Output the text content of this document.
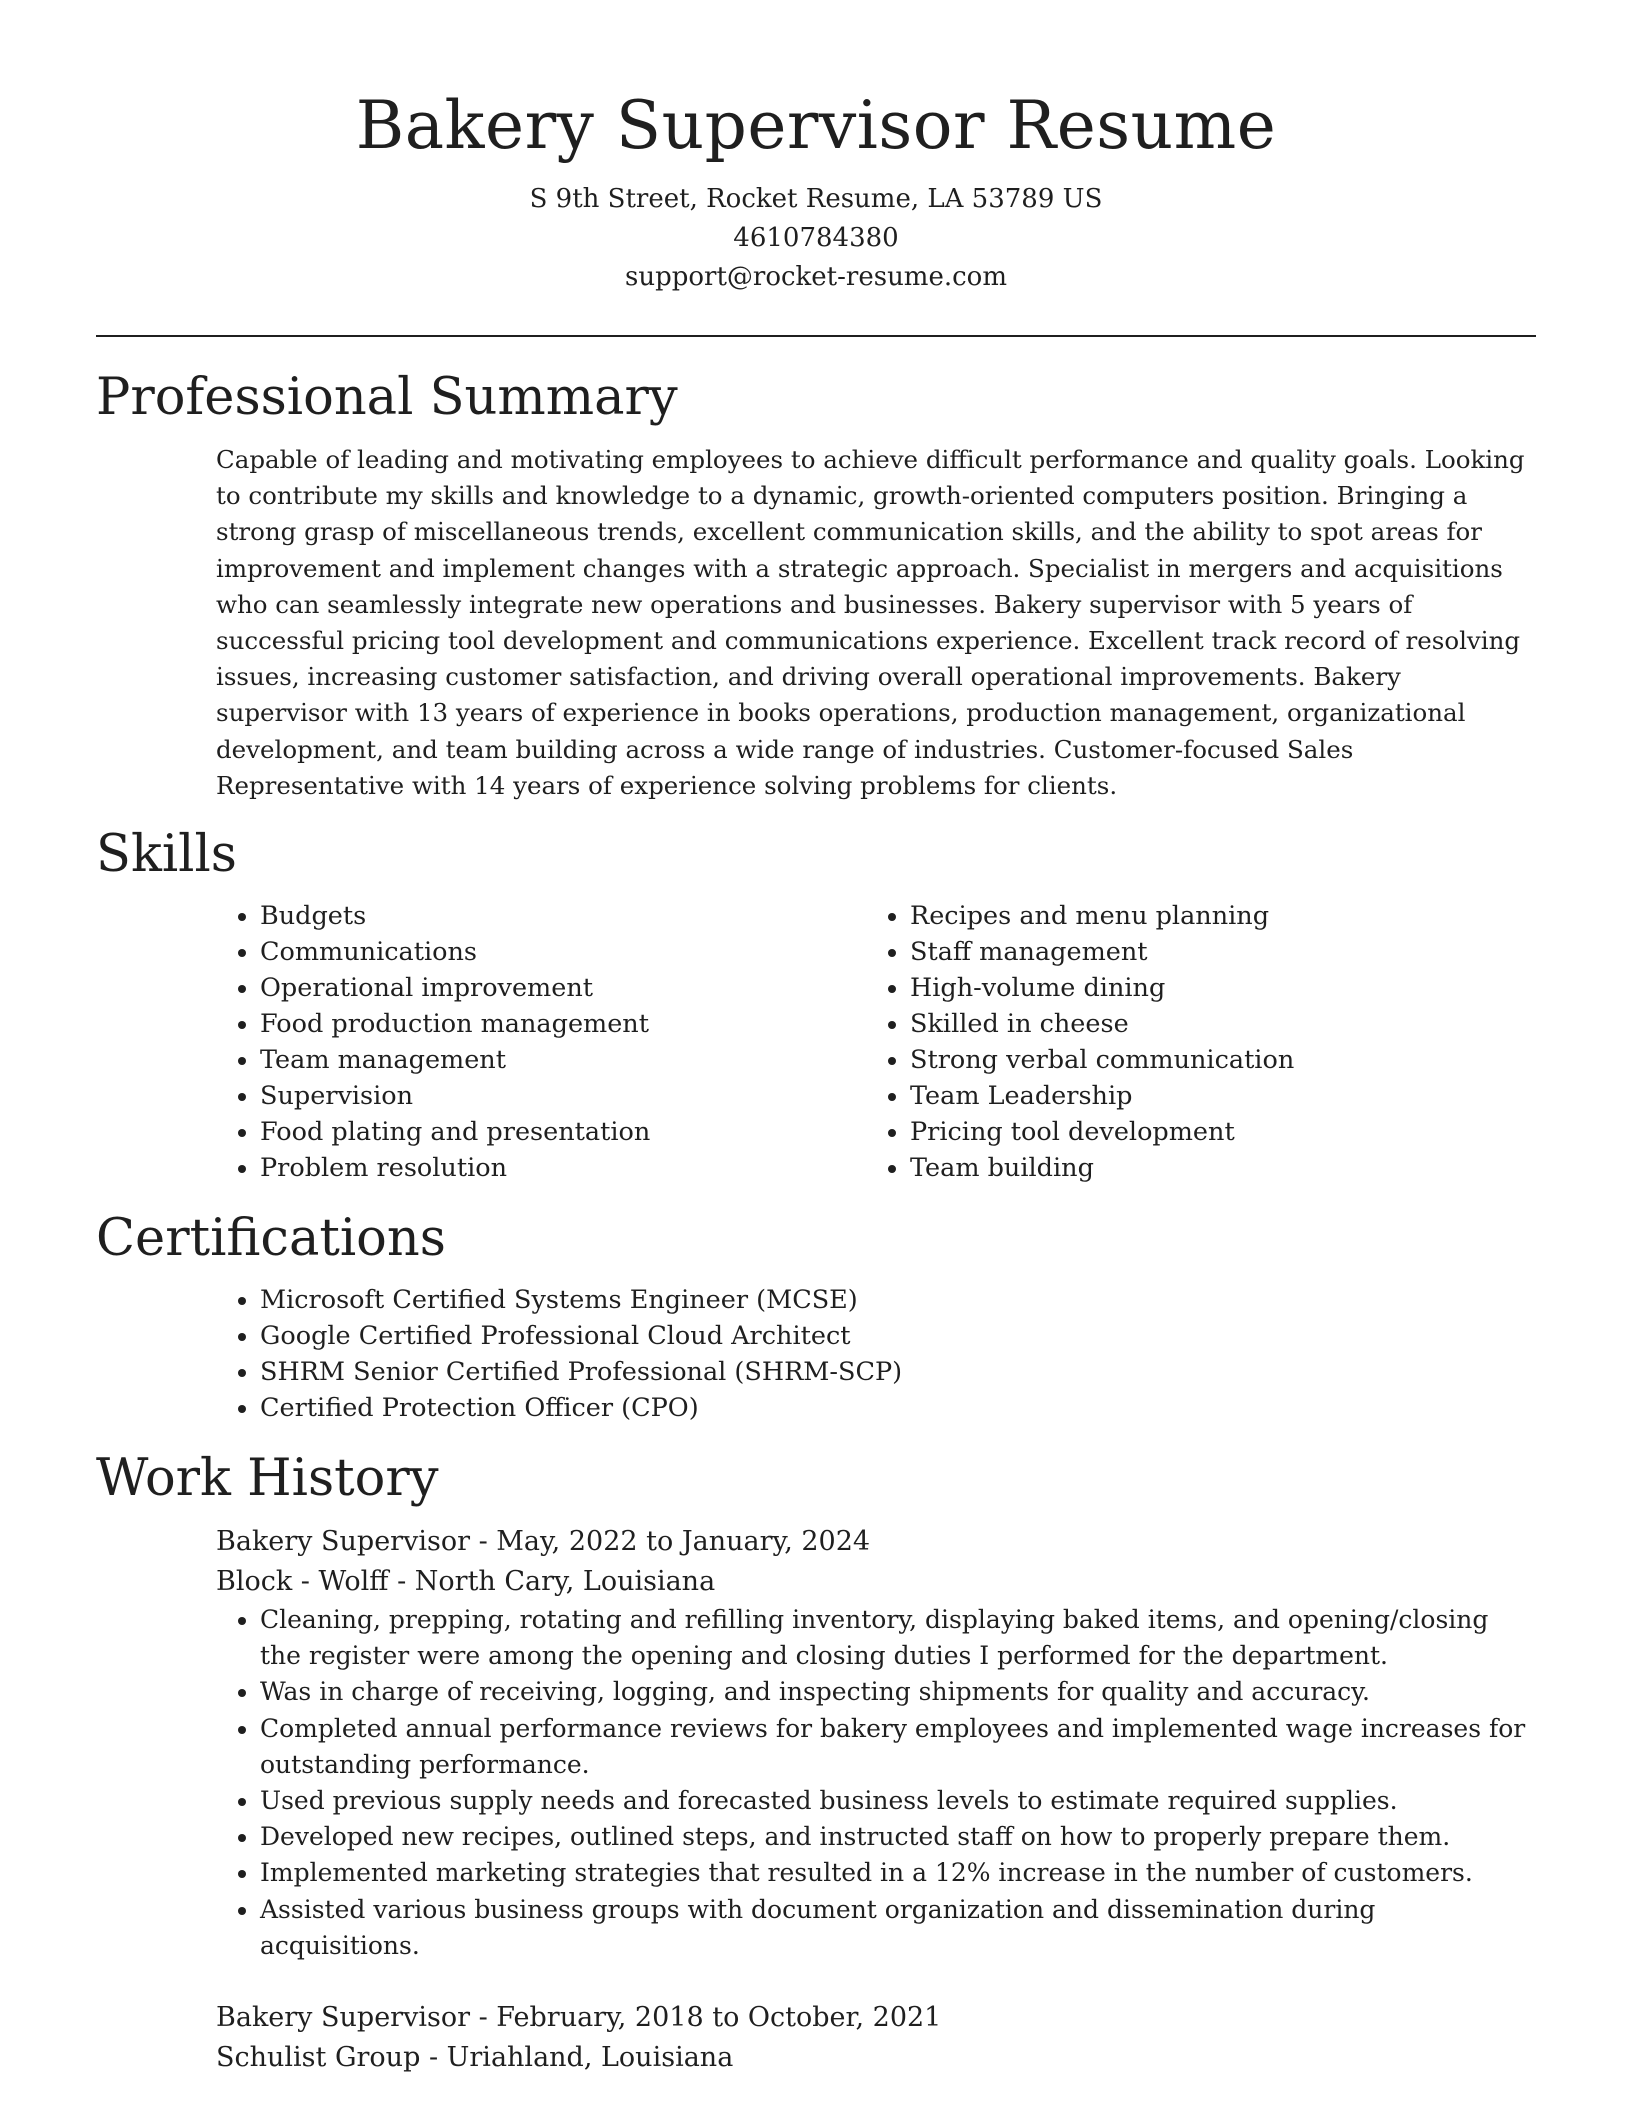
Bakery Supervisor Resume

S 9th Street, Rocket Resume, LA 53789 US

4610784380

support@rocket-resume.com

Professional Summary

Capable of leading and motivating employees to achieve difficult performance and quality goals. Looking to contribute my skills and knowledge to a dynamic, growth-oriented computers position. Bringing a strong grasp of miscellaneous trends, excellent communication skills, and the ability to spot areas for improvement and implement changes with a strategic approach. Specialist in mergers and acquisitions who can seamlessly integrate new operations and businesses. Bakery supervisor with 5 years of successful pricing tool development and communications experience. Excellent track record of resolving issues, increasing customer satisfaction, and driving overall operational improvements. Bakery supervisor with 13 years of experience in books operations, production management, organizational development, and team building across a wide range of industries. Customer-focused Sales Representative with 14 years of experience solving problems for clients.

Skills
• Budgets
• Communications
• Operational improvement
• Food production management
• Team management
• Supervision
• Food plating and presentation
• Problem resolution
• Recipes and menu planning
• Staff management
• High-volume dining
• Skilled in cheese
• Strong verbal communication
• Team Leadership
• Pricing tool development
• Team building
Certifications
• Microsoft Certified Systems Engineer (MCSE)
• Google Certified Professional Cloud Architect
• SHRM Senior Certified Professional (SHRM-SCP)
• Certified Protection Officer (CPO)
Work History

Bakery Supervisor - May, 2022 to January, 2024

Block - Wolff - North Cary, Louisiana

• Cleaning, prepping, rotating and refilling inventory, displaying baked items, and opening/closing the register were among the opening and closing duties I performed for the department.
• Was in charge of receiving, logging, and inspecting shipments for quality and accuracy.
• Completed annual performance reviews for bakery employees and implemented wage increases for outstanding performance.
• Used previous supply needs and forecasted business levels to estimate required supplies.
• Developed new recipes, outlined steps, and instructed staff on how to properly prepare them.
• Implemented marketing strategies that resulted in a 12% increase in the number of customers.
• Assisted various business groups with document organization and dissemination during acquisitions.

Bakery Supervisor - February, 2018 to October, 2021

Schulist Group - Uriahland, Louisiana
